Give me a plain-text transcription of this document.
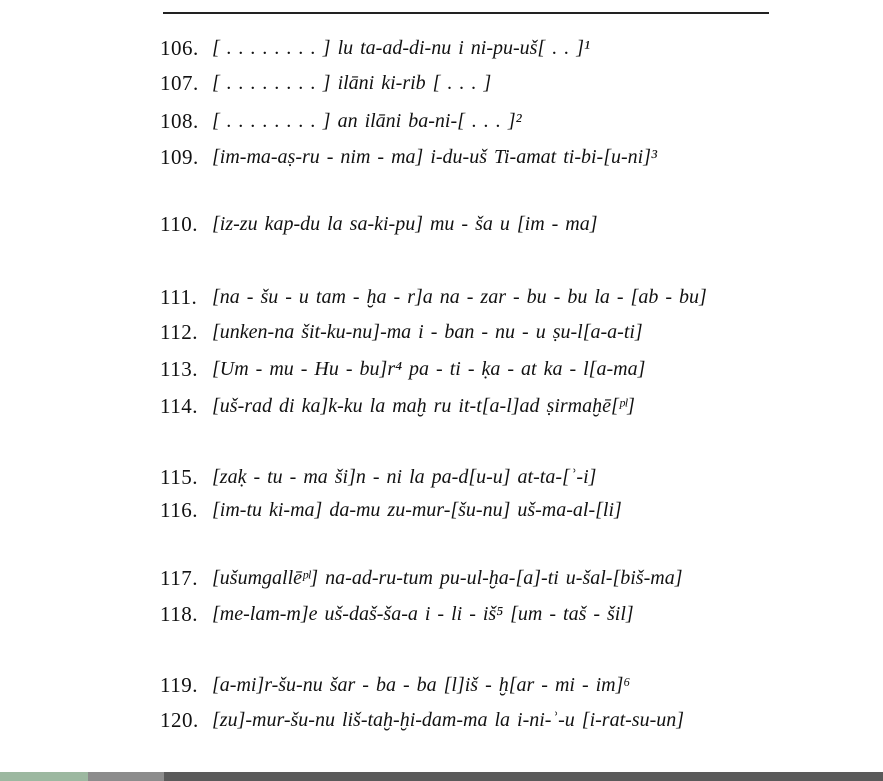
106. [ . . . . . . . . ] lu ta-ad-di-nu i ni-pu-uš[ . . ]¹
107. [ . . . . . . . . ] ilāni ki-rib [ . . . ]
108. [ . . . . . . . . ] an ilāni ba-ni-[ . . . ]²
109. [im-ma-aṣ-ru - nim - ma] i-du-uš Ti-amat ti-bi-[u-ni]³
110. [iz-zu kap-du la sa-ki-pu] mu - ša u [im - ma]
111. [na - šu - u tam - ḫa - r]a na - zar - bu - bu la - [ab - bu]
112. [unken-na šit-ku-nu]-ma i - ban - nu - u ṣu-l[a-a-ti]
113. [Um - mu - Hu - bu]r⁴ pa - ti - ḳa - at ka - l[a-ma]
114. [uš-rad di ka]k-ku la maḫ ru it-t[a-l]ad ṣirmaḫē[ᵖˡ]
115. [zaḳ - tu - ma ši]n - ni la pa-d[u-u] at-ta-[ʾ-i]
116. [im-tu ki-ma] da-mu zu-mur-[šu-nu] uš-ma-al-[li]
117. [ušumgallēᵖˡ] na-ad-ru-tum pu-ul-ḫa-[a]-ti u-šal-[biš-ma]
118. [me-lam-m]e uš-daš-ša-a i - li - iš⁵ [um - taš - šil]
119. [a-mi]r-šu-nu šar - ba - ba [l]iš - ḫ[ar - mi - im]⁶
120. [zu]-mur-šu-nu liš-taḫ-ḫi-dam-ma la i-ni-ʾ-u [i-rat-su-un]
